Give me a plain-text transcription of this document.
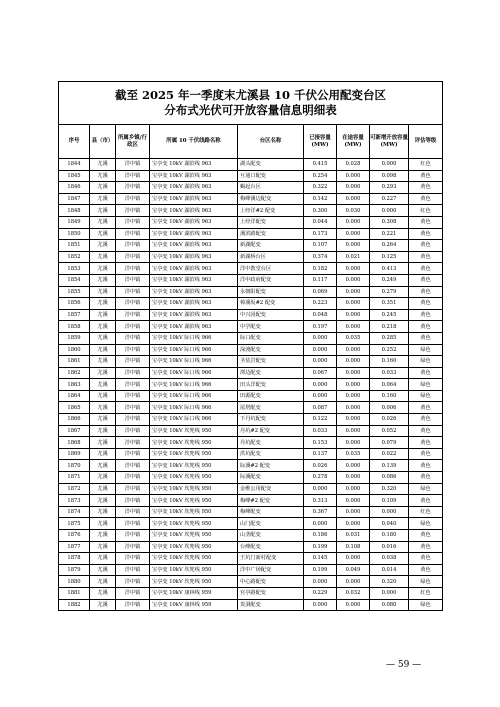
截至 2025 年一季度末尤溪县 10 千伏公用配变台区
分布式光伏可开放容量信息明细表								

序号	县（市）	所属乡镇/行政区	所属 10 千伏线路名称	台区名称	已接容量(MW)	在途容量(MW)	可新增开放容量(MW)	评估等级
1844	尤溪	洋中镇	宝亭变 10kV 湖滨线 963	湖头配变	0.415	0.028	0.000	红色
1845	尤溪	洋中镇	宝亭变 10kV 湖滨线 963	互通口配变	0.254	0.000	0.098	黄色
1846	尤溪	洋中镇	宝亭变 10kV 湖滨线 963	蝎起台区	0.322	0.000	0.293	黄色
1847	尤溪	洋中镇	宝亭变 10kV 湖滨线 963	梅峰溪边配变	0.142	0.000	0.227	黄色
1848	尤溪	洋中镇	宝亭变 10kV 湖滨线 963	上经洋#2 配变	0.300	0.030	0.000	红色
1849	尤溪	洋中镇	宝亭变 10kV 湖滨线 963	上经洋配变	0.044	0.000	0.308	黄色
1850	尤溪	洋中镇	宝亭变 10kV 湖滨线 963	溪滨路配变	0.173	0.000	0.221	黄色
1851	尤溪	洋中镇	宝亭变 10kV 湖滨线 963	新湖配变	0.107	0.000	0.264	黄色
1852	尤溪	洋中镇	宝亭变 10kV 湖滨线 963	新湖桥台区	0.374	0.021	0.125	黄色
1853	尤溪	洋中镇	宝亭变 10kV 湖滨线 963	洋中教堂台区	0.182	0.000	0.413	黄色
1854	尤溪	洋中镇	宝亭变 10kV 湖滨线 963	洋中政府配变	0.117	0.000	0.249	黄色
1855	尤溪	洋中镇	宝亭变 10kV 湖滨线 963	永朝阳配变	0.069	0.000	0.279	黄色
1856	尤溪	洋中镇	宝亭变 10kV 湖滨线 963	樟溪坂#2 配变	0.223	0.000	0.351	黄色
1857	尤溪	洋中镇	宝亭变 10kV 湖滨线 963	中兴园配变	0.048	0.000	0.245	黄色
1858	尤溪	洋中镇	宝亭变 10kV 湖滨线 963	中学配变	0.197	0.000	0.218	黄色
1859	尤溪	洋中镇	宝亭变 10kV 际口线 966	际口配变	0.000	0.035	0.285	黄色
1860	尤溪	洋中镇	宝亭变 10kV 际口线 966	深渡配变	0.000	0.000	0.252	绿色
1861	尤溪	洋中镇	宝亭变 10kV 际口线 966	圣装岩配变	0.000	0.000	0.160	绿色
1862	尤溪	洋中镇	宝亭变 10kV 际口线 966	潭边配变	0.067	0.000	0.033	黄色
1863	尤溪	洋中镇	宝亭变 10kV 际口线 966	田头洋配变	0.000	0.000	0.064	绿色
1864	尤溪	洋中镇	宝亭变 10kV 际口线 966	田源配变	0.000	0.000	0.160	绿色
1865	尤溪	洋中镇	宝亭变 10kV 际口线 966	尾塔配变	0.087	0.000	0.006	黄色
1866	尤溪	洋中镇	宝亭变 10kV 际口线 966	下丹坑配变	0.122	0.000	0.026	黄色
1867	尤溪	洋中镇	宝亭变 10kV 坎兜线 950	丹坑#2 配变	0.033	0.000	0.052	黄色
1868	尤溪	洋中镇	宝亭变 10kV 坎兜线 950	丹坑配变	0.153	0.000	0.079	黄色
1869	尤溪	洋中镇	宝亭变 10kV 坎兜线 950	洪坑配变	0.137	0.035	0.022	黄色
1870	尤溪	洋中镇	宝亭变 10kV 坎兜线 950	际溪#2 配变	0.026	0.000	0.139	黄色
1871	尤溪	洋中镇	宝亭变 10kV 坎兜线 950	际溪配变	0.278	0.000	0.086	黄色
1872	尤溪	洋中镇	宝亭变 10kV 坎兜线 950	金维公用配变	0.000	0.000	0.320	绿色
1873	尤溪	洋中镇	宝亭变 10kV 坎兜线 950	梅峰#2 配变	0.313	0.000	0.109	黄色
1874	尤溪	洋中镇	宝亭变 10kV 坎兜线 950	梅峰配变	0.367	0.000	0.000	红色
1875	尤溪	洋中镇	宝亭变 10kV 坎兜线 950	山门配变	0.000	0.000	0.040	绿色
1876	尤溪	洋中镇	宝亭变 10kV 坎兜线 950	山垄配变	0.186	0.031	0.180	黄色
1877	尤溪	洋中镇	宝亭变 10kV 坎兜线 950	台峰配变	0.199	0.108	0.016	黄色
1878	尤溪	洋中镇	宝亭变 10kV 坎兜线 950	王坑门新村配变	0.145	0.000	0.038	黄色
1879	尤溪	洋中镇	宝亭变 10kV 坎兜线 950	洋中广场配变	0.199	0.049	0.014	黄色
1880	尤溪	洋中镇	宝亭变 10kV 坎兜线 950	中心路配变	0.000	0.000	0.320	绿色
1881	尤溪	洋中镇	宝亭变 10kV 康林线 959	官亭路配变	0.229	0.032	0.000	红色
1882	尤溪	洋中镇	宝亭变 10kV 康林线 959	贵洞配变	0.000	0.000	0.080	绿色
— 59 —
